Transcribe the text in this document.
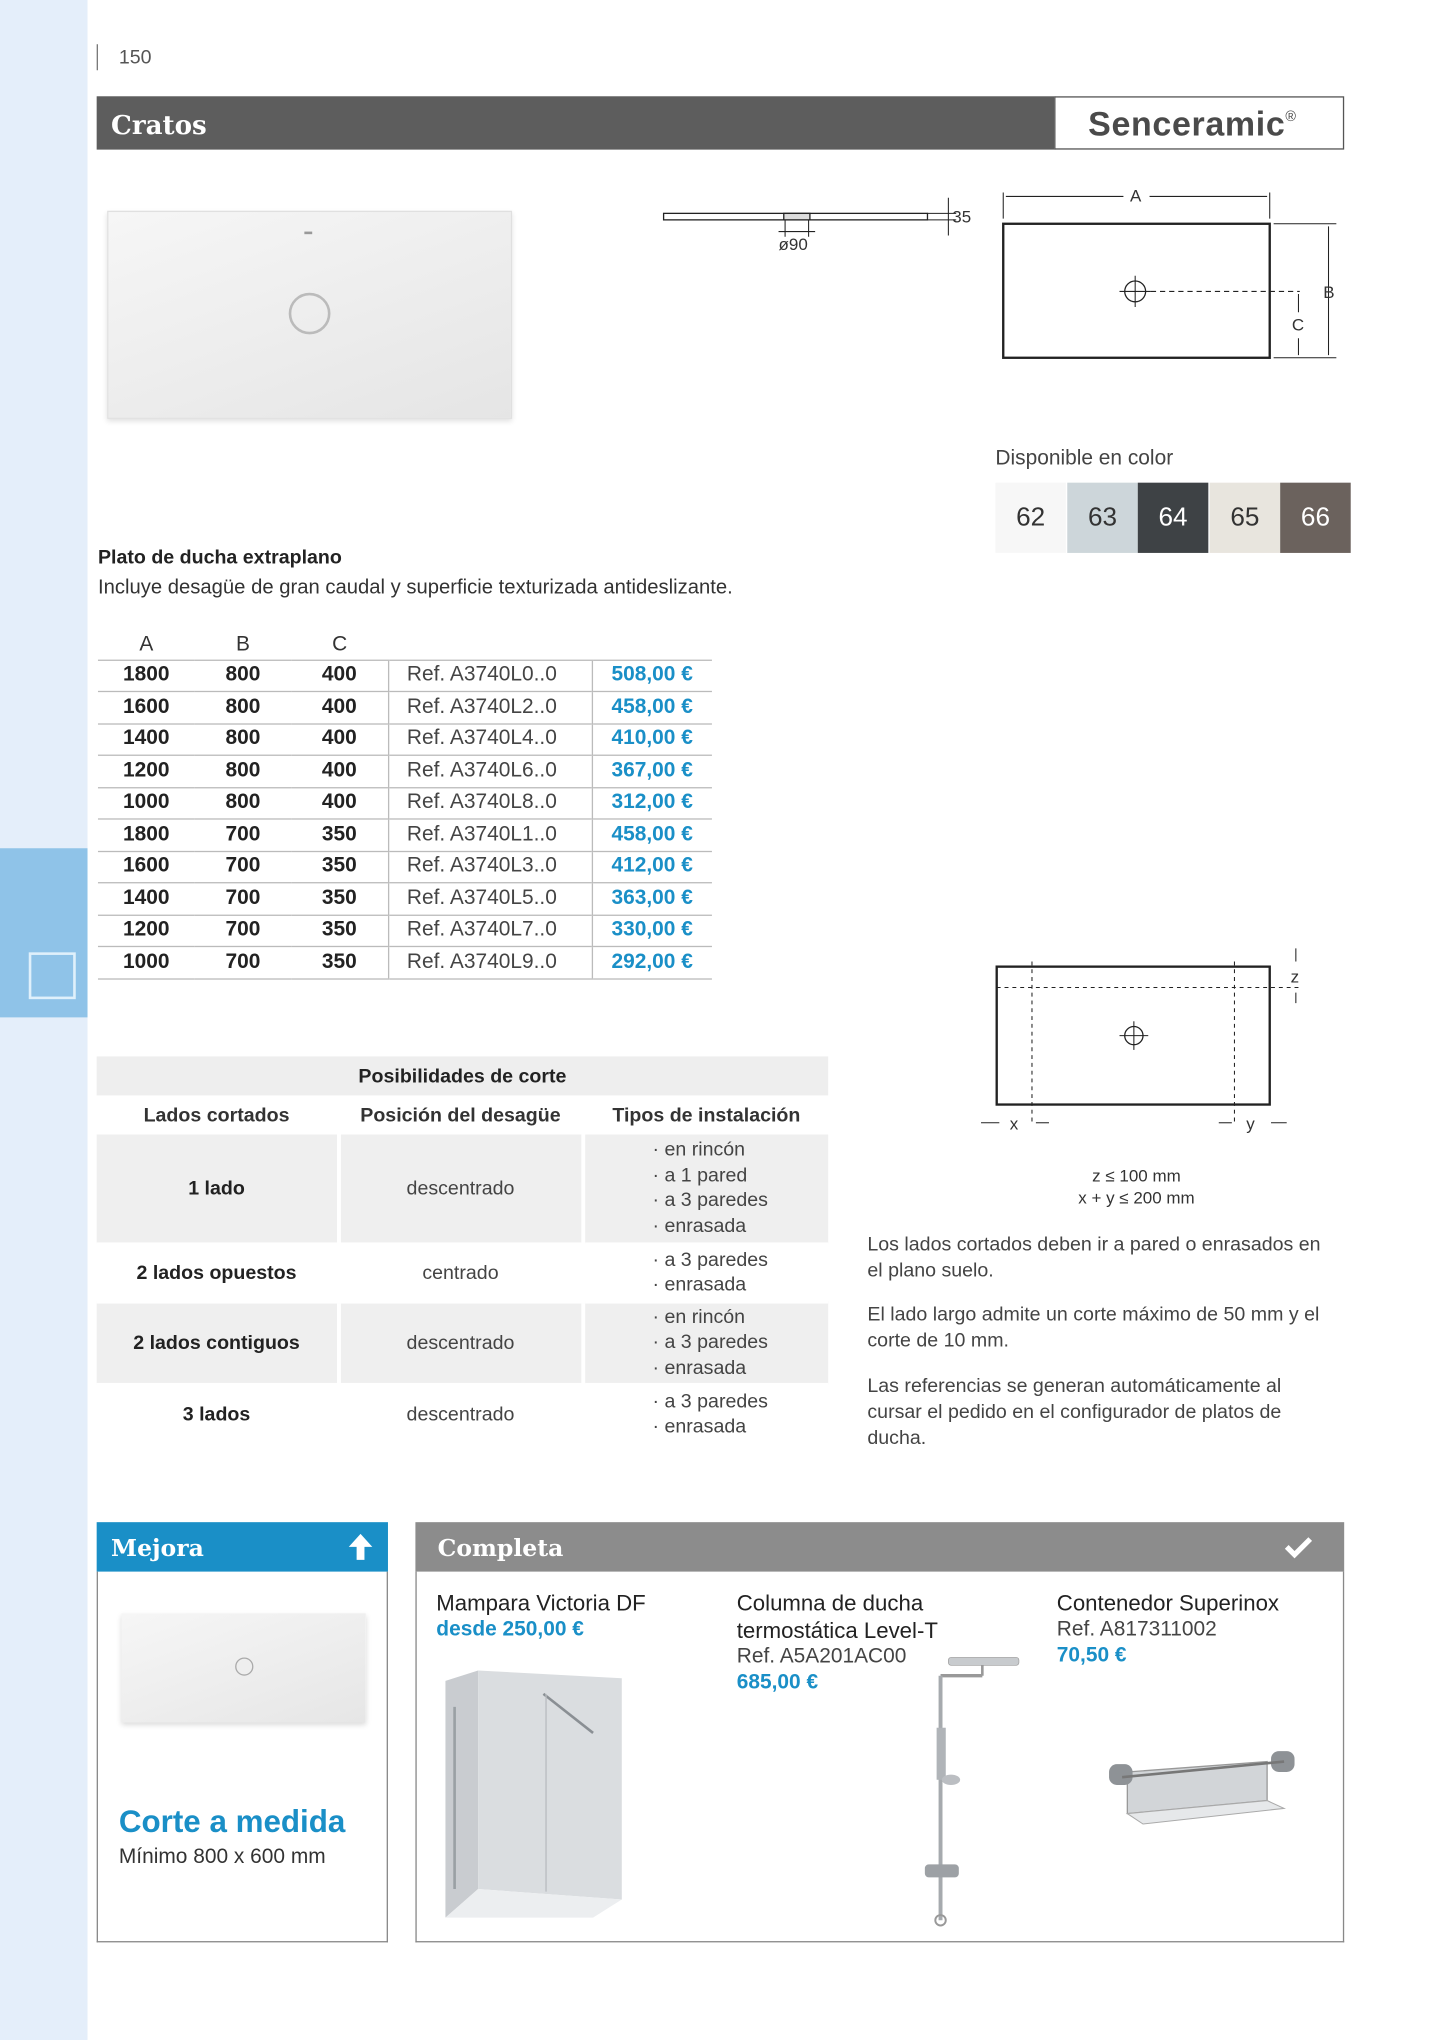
150
Cratos	Senceramic®
35
ø90
A
B
C
Disponible en color
62 63 64 65 66
Plato de ducha extraplano
Incluye desagüe de gran caudal y superficie texturizada antideslizante.
A	B	C		
1800	800	400	Ref. A3740L0..0	508,00 €
1600	800	400	Ref. A3740L2..0	458,00 €
1400	800	400	Ref. A3740L4..0	410,00 €
1200	800	400	Ref. A3740L6..0	367,00 €
1000	800	400	Ref. A3740L8..0	312,00 €
1800	700	350	Ref. A3740L1..0	458,00 €
1600	700	350	Ref. A3740L3..0	412,00 €
1400	700	350	Ref. A3740L5..0	363,00 €
1200	700	350	Ref. A3740L7..0	330,00 €
1000	700	350	Ref. A3740L9..0	292,00 €
Posibilidades de corte		
Lados cortados	Posición del desagüe	Tipos de instalación
1 lado	descentrado	· en rincón
· a 1 pared
· a 3 paredes
· enrasada

2 lados opuestos	centrado	· a 3 paredes
· enrasada

2 lados contiguos	descentrado	· en rincón
· a 3 paredes
· enrasada

3 lados	descentrado	· a 3 paredes
· enrasada
z
x	y
z ≤ 100 mm
x + y ≤ 200 mm
Los lados cortados deben ir a pared o enrasados en el plano suelo.
El lado largo admite un corte máximo de 50 mm y el corte de 10 mm.
Las referencias se generan automáticamente al cursar el pedido en el configurador de platos de ducha.
Mejora
Corte a medida
Mínimo 800 x 600 mm
Completa
Mampara Victoria DF
desde 250,00 €
Columna de ducha termostática Level-T
Ref. A5A201AC00
685,00 €
Contenedor Superinox
Ref. A817311002
70,50 €
